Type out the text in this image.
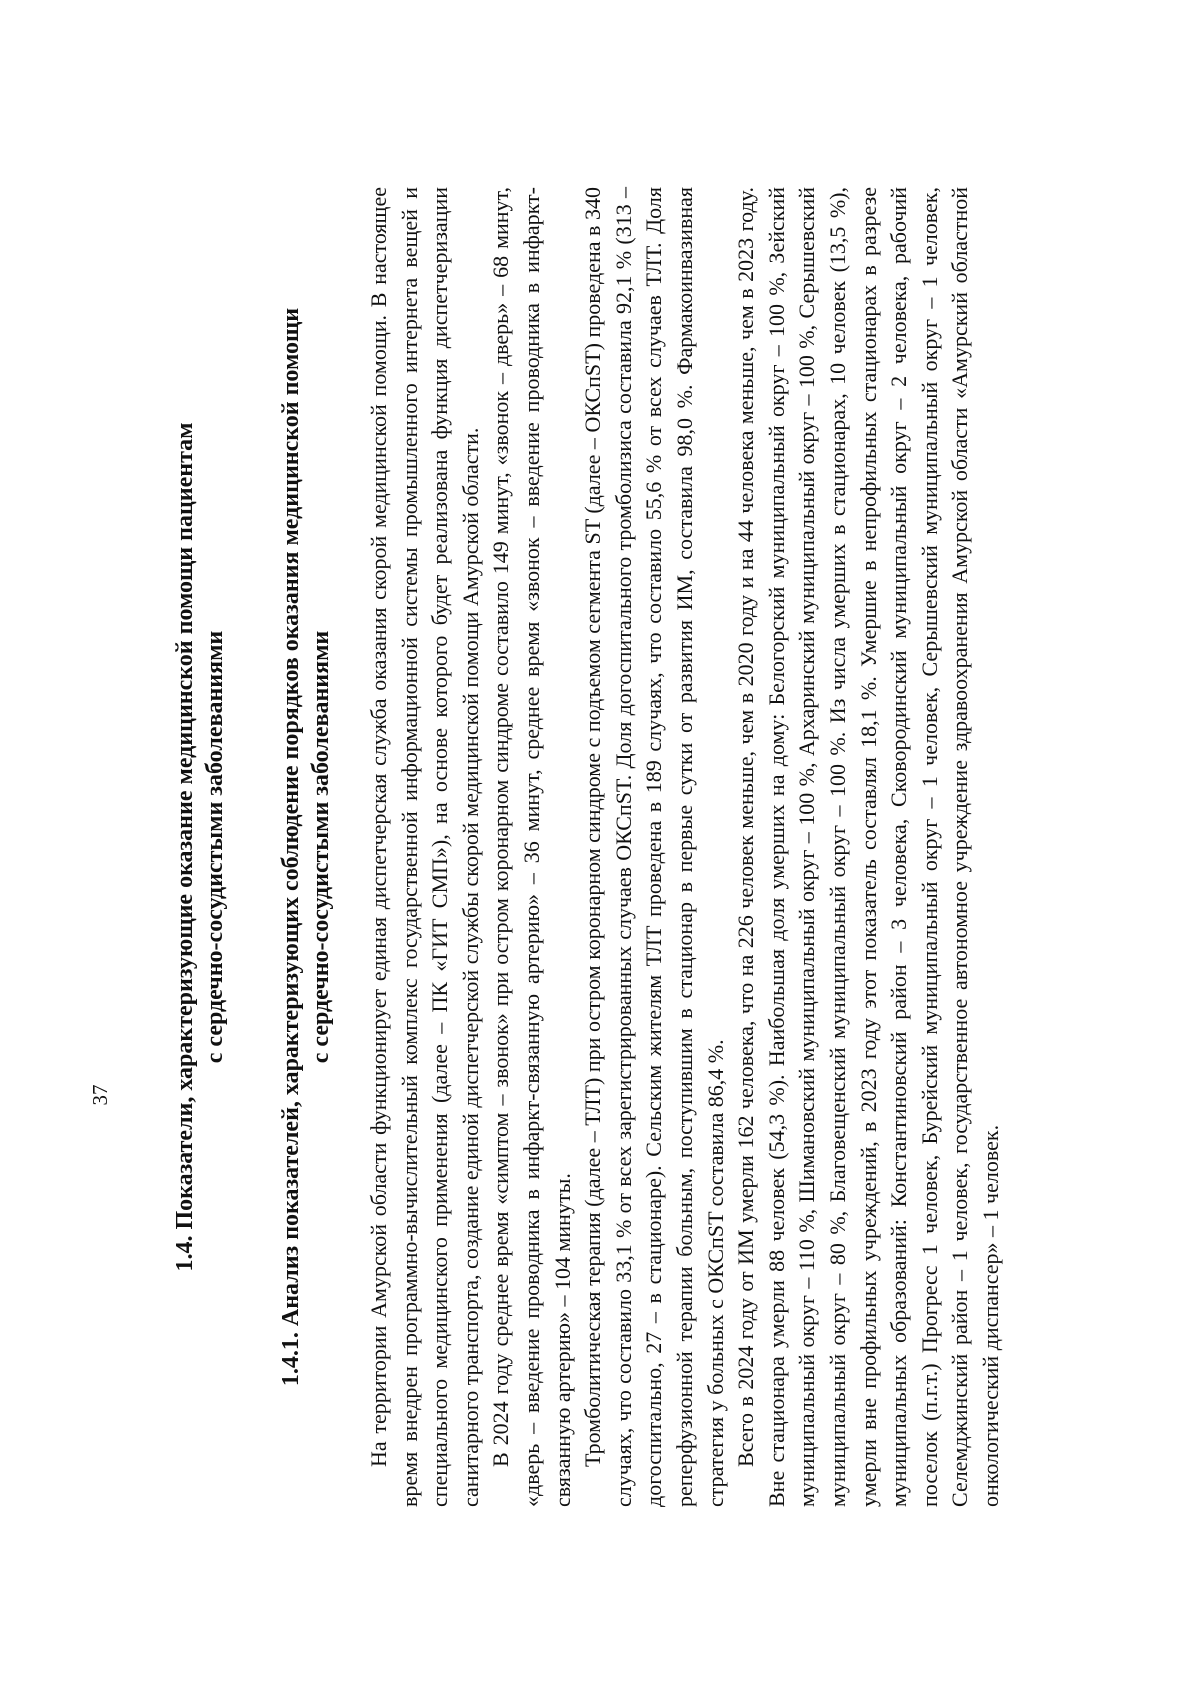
37	1.4. Показатели, характеризующие оказание медицинской помощи пациентам с сердечно-сосудистыми заболеваниями 1.4.1. Анализ показателей, характеризующих соблюдение порядков оказания медицинской помощи с сердечно-сосудистыми заболеваниями На территории Амурской области функционирует единая диспетчерская служба оказания скорой медицинской помощи. В настоящее время внедрен программно-вычислительный комплекс государственной информационной системы промышленного интернета вещей и специального медицинского применения (далее – ПК «ГИТ СМП»), на основе которого будет реализована функция диспетчеризации санитарного транспорта, создание единой диспетчерской службы скорой медицинской помощи Амурской области. В 2024 году среднее время «симптом – звонок» при остром коронарном синдроме составило 149 минут, «звонок – дверь» – 68 минут, «дверь – введение проводника в инфаркт-связанную артерию» – 36 минут, среднее время «звонок – введение проводника в инфаркт-связанную артерию» – 104 минуты. Тромболитическая терапия (далее – ТЛТ) при остром коронарном синдроме с подъемом сегмента ST (далее – ОКСпST) проведена в 340 случаях, что составило 33,1 % от всех зарегистрированных случаев ОКСпST. Доля догоспитального тромболизиса составила 92,1 % (313 – догоспитально, 27 – в стационаре). Сельским жителям ТЛТ проведена в 189 случаях, что составило 55,6 % от всех случаев ТЛТ. Доля реперфузионной терапии больным, поступившим в стационар в первые сутки от развития ИМ, составила 98,0 %. Фармакоинвазивная стратегия у больных с ОКСпST составила 86,4 %. Всего в 2024 году от ИМ умерли 162 человека, что на 226 человек меньше, чем в 2020 году и на 44 человека меньше, чем в 2023 году. Вне стационара умерли 88 человек (54,3 %). Наибольшая доля умерших на дому: Белогорский муниципальный округ – 100 %, Зейский муниципальный округ – 110 %, Шимановский муниципальный округ – 100 %, Архаринский муниципальный округ – 100 %, Серышевский муниципальный округ – 80 %, Благовещенский муниципальный округ – 100 %. Из числа умерших в стационарах, 10 человек (13,5 %), умерли вне профильных учреждений, в 2023 году этот показатель составлял 18,1 %. Умершие в непрофильных стационарах в разрезе муниципальных образований: Константиновский район – 3 человека, Сковородинский муниципальный округ – 2 человека, рабочий поселок (п.г.т.) Прогресс 1 человек, Бурейский муниципальный округ – 1 человек, Серышевский муниципальный округ – 1 человек, Селемджинский район – 1 человек, государственное автономное учреждение здравоохранения Амурской области «Амурский областной онкологический диспансер» – 1 человек.
